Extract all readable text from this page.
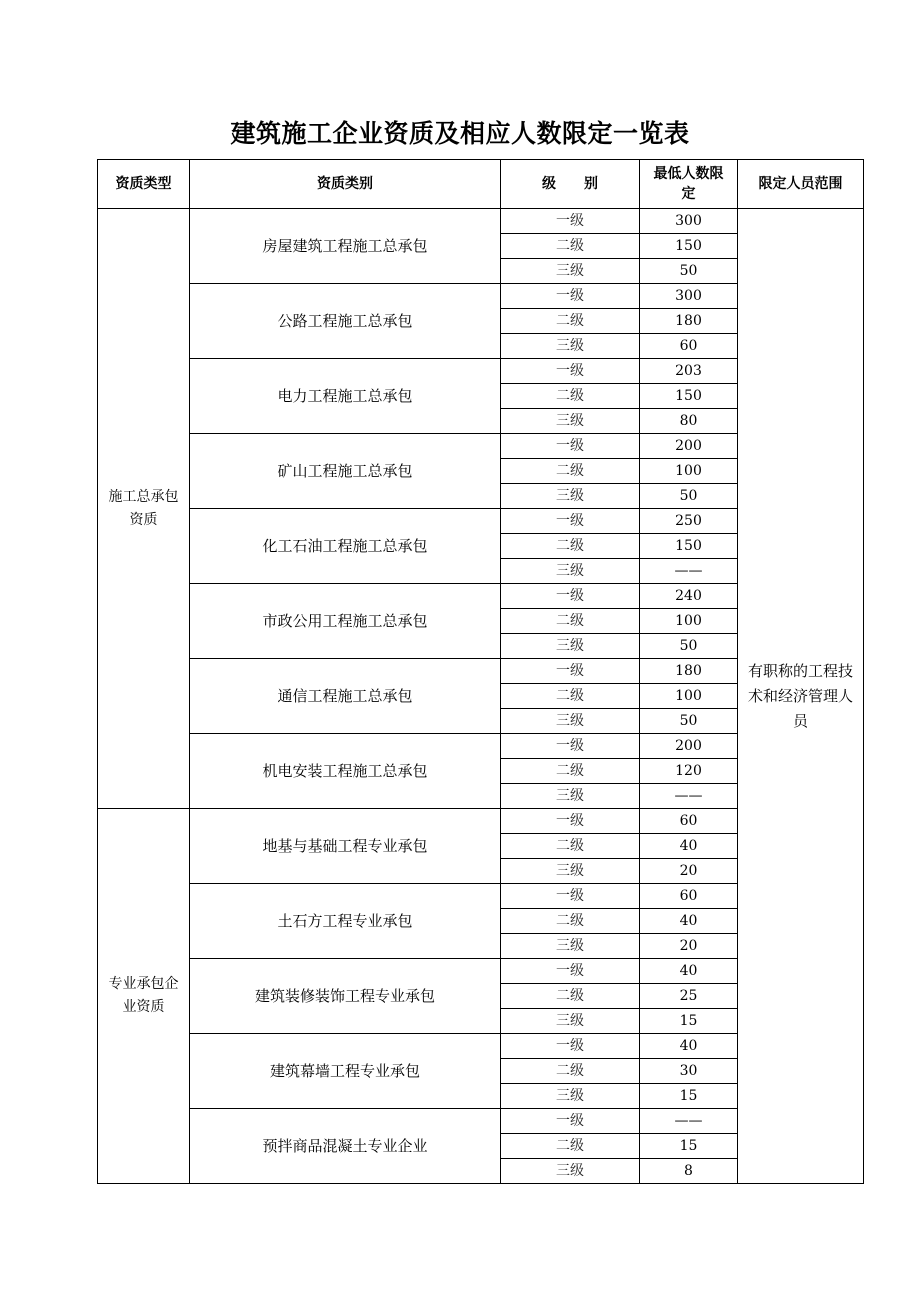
建筑施工企业资质及相应人数限定一览表
资质类型	资质类别	级别	最低人数限定	限定人员范围
施工总承包资质	房屋建筑工程施工总承包	一级	300	有职称的工程技术和经济管理人员
		二级	150	
		三级	50	
	公路工程施工总承包	一级	300	
		二级	180	
		三级	60	
	电力工程施工总承包	一级	203	
		二级	150	
		三级	80	
	矿山工程施工总承包	一级	200	
		二级	100	
		三级	50	
	化工石油工程施工总承包	一级	250	
		二级	150	
		三级	——	
	市政公用工程施工总承包	一级	240	
		二级	100	
		三级	50	
	通信工程施工总承包	一级	180	
		二级	100	
		三级	50	
	机电安装工程施工总承包	一级	200	
		二级	120	
		三级	——	
专业承包企业资质	地基与基础工程专业承包	一级	60	
		二级	40	
		三级	20	
	土石方工程专业承包	一级	60	
		二级	40	
		三级	20	
	建筑装修装饰工程专业承包	一级	40	
		二级	25	
		三级	15	
	建筑幕墙工程专业承包	一级	40	
		二级	30	
		三级	15	
	预拌商品混凝土专业企业	一级	——	
		二级	15	
		三级	8	
